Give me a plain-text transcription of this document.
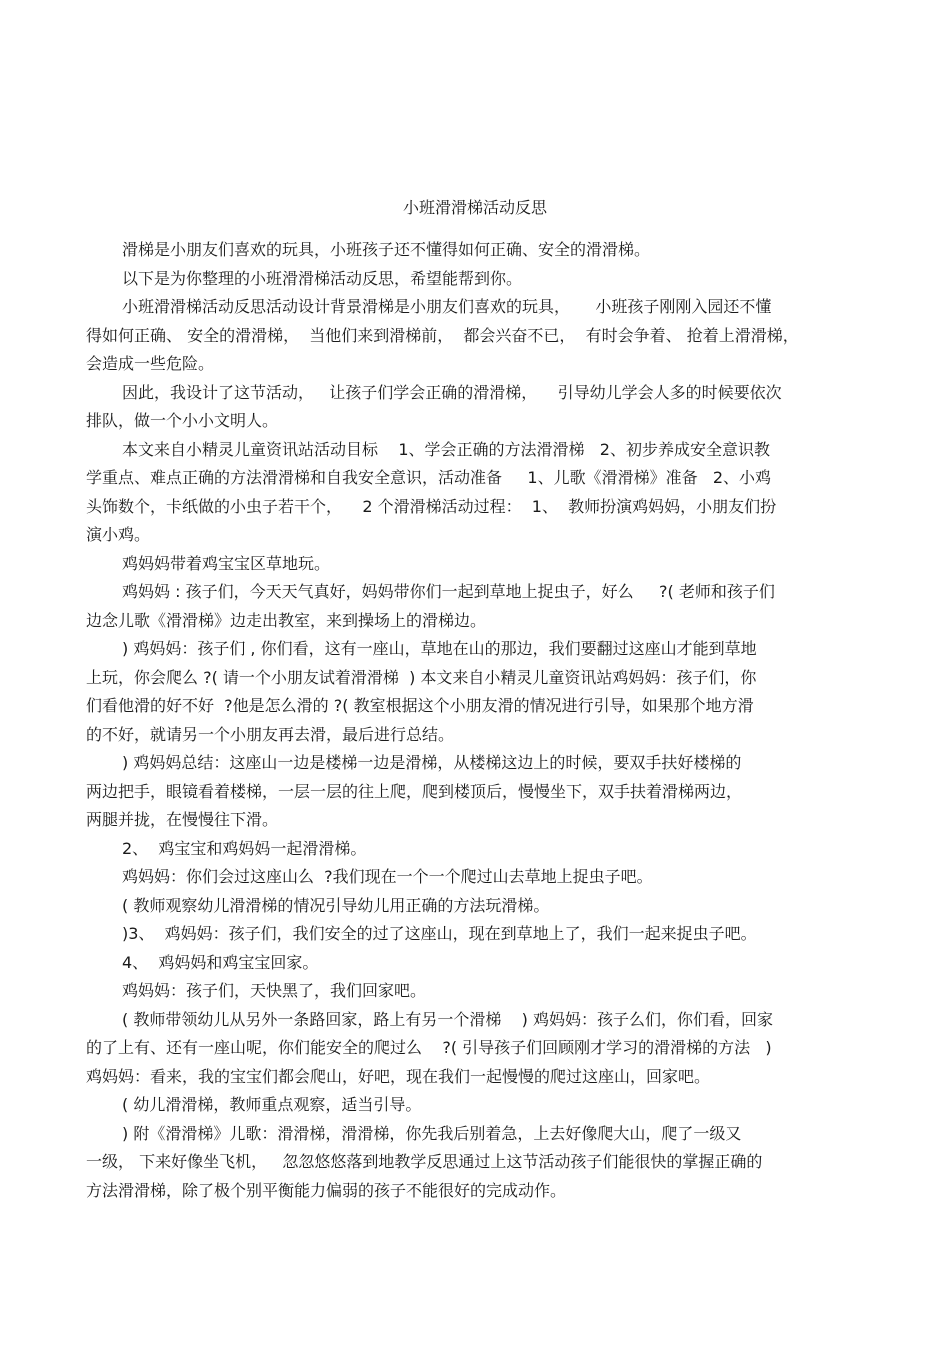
小班滑滑梯活动反思

滑梯是小朋友们喜欢的玩具，小班孩子还不懂得如何正确、安全的滑滑梯。

以下是为你整理的小班滑滑梯活动反思，希望能帮到你。

小班滑滑梯活动反思活动设计背景滑梯是小朋友们喜欢的玩具，     小班孩子刚刚入园还不懂

得如何正确、 安全的滑滑梯，  当他们来到滑梯前，  都会兴奋不已，  有时会争着、 抢着上滑滑梯，

会造成一些危险。

因此，我设计了这节活动，   让孩子们学会正确的滑滑梯，    引导幼儿学会人多的时候要依次

排队，做一个小小文明人。

本文来自小精灵儿童资讯站活动目标    1、学会正确的方法滑滑梯   2、初步养成安全意识教

学重点、难点正确的方法滑滑梯和自我安全意识，活动准备     1、儿歌《滑滑梯》准备   2、小鸡

头饰数个，卡纸做的小虫子若干个，    2 个滑滑梯活动过程：  1、  教师扮演鸡妈妈，小朋友们扮

演小鸡。

鸡妈妈带着鸡宝宝区草地玩。

鸡妈妈 : 孩子们，今天天气真好，妈妈带你们一起到草地上捉虫子，好么     ?( 老师和孩子们

边念儿歌《滑滑梯》边走出教室，来到操场上的滑梯边。

) 鸡妈妈：孩子们 , 你们看，这有一座山，草地在山的那边，我们要翻过这座山才能到草地

上玩，你会爬么 ?( 请一个小朋友试着滑滑梯  ) 本文来自小精灵儿童资讯站鸡妈妈：孩子们，你

们看他滑的好不好  ?他是怎么滑的 ?( 教室根据这个小朋友滑的情况进行引导，如果那个地方滑

的不好，就请另一个小朋友再去滑，最后进行总结。

) 鸡妈妈总结：这座山一边是楼梯一边是滑梯，从楼梯这边上的时候，要双手扶好楼梯的

两边把手，眼镜看着楼梯，一层一层的往上爬，爬到楼顶后，慢慢坐下，双手扶着滑梯两边，

两腿并拢，在慢慢往下滑。

2、  鸡宝宝和鸡妈妈一起滑滑梯。

鸡妈妈：你们会过这座山么  ?我们现在一个一个爬过山去草地上捉虫子吧。

( 教师观察幼儿滑滑梯的情况引导幼儿用正确的方法玩滑梯。

)3、  鸡妈妈：孩子们，我们安全的过了这座山，现在到草地上了，我们一起来捉虫子吧。

4、  鸡妈妈和鸡宝宝回家。

鸡妈妈：孩子们，天快黑了，我们回家吧。

( 教师带领幼儿从另外一条路回家，路上有另一个滑梯    ) 鸡妈妈：孩子么们，你们看，回家

的了上有、还有一座山呢，你们能安全的爬过么    ?( 引导孩子们回顾刚才学习的滑滑梯的方法   )

鸡妈妈：看来，我的宝宝们都会爬山，好吧，现在我们一起慢慢的爬过这座山，回家吧。

( 幼儿滑滑梯，教师重点观察，适当引导。

) 附《滑滑梯》儿歌：滑滑梯，滑滑梯，你先我后别着急，上去好像爬大山，爬了一级又

一级， 下来好像坐飞机，   忽忽悠悠落到地教学反思通过上这节活动孩子们能很快的掌握正确的

方法滑滑梯，除了极个别平衡能力偏弱的孩子不能很好的完成动作。
